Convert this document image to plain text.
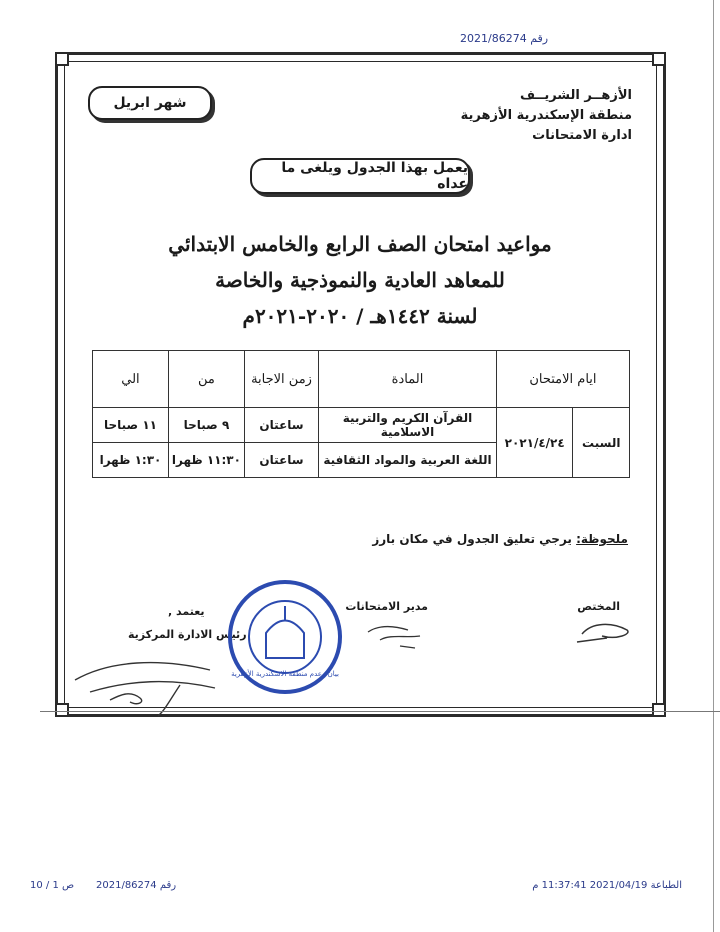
رقم 2021/86274
شهر ابريل	الأزهــر الشريــف
منطقة الإسكندرية الأزهرية
ادارة الامتحانات
يعمل بهذا الجدول ويلغى ما عداه
مواعيد امتحان الصف الرابع والخامس الابتدائي
للمعاهد العادية والنموذجية والخاصة
لسنة ١٤٤٢هـ / ٢٠٢٠-٢٠٢١م
ايام الامتحان		المادة	زمن الاجابة	من	الي
السبت	٢٠٢١/٤/٢٤	القرآن الكريم والتربية الاسلامية	ساعتان	٩ صباحا	١١ صباحا
		اللغة العربية والمواد الثقافية	ساعتان	١١:٣٠ ظهرا	١:٣٠ ظهرا
ملحوظة: يرجي تعليق الجدول في مكان بارز
المختص
مدير الامتحانات
يعتمد ,
رئيس الادارة المركزية
بيان وعدم منطقة الاسكندرية الأزهرية
الطباعة 2021/04/19 11:37:41 م
رقم 2021/86274
ص 1 / 10
